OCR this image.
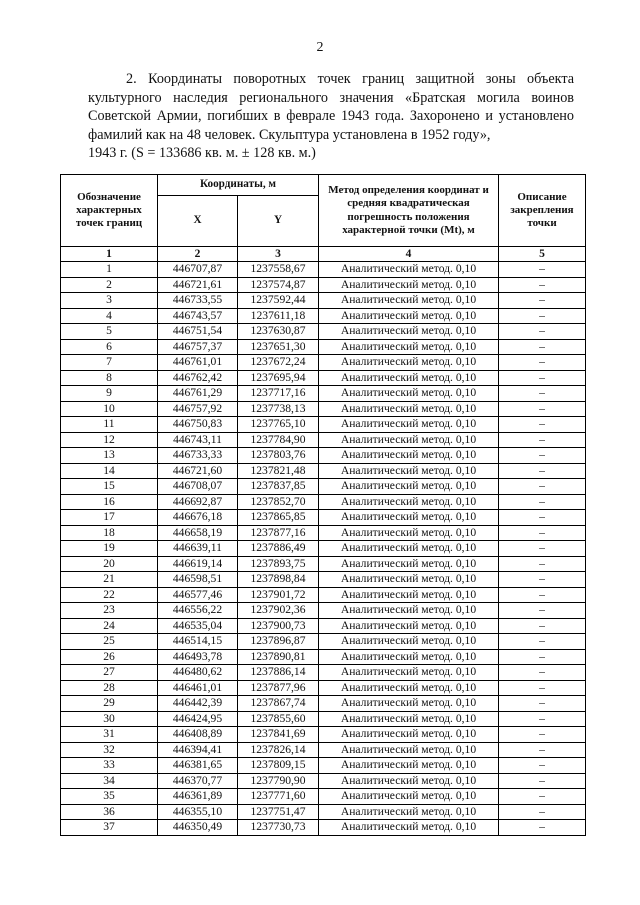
2

2. Координаты поворотных точек границ защитной зоны объекта культурного наследия регионального значения «Братская могила воинов Советской Армии, погибших в феврале 1943 года. Захоронено и установлено фамилий как на 48 человек. Скульптура установлена в 1952 году»,

1943 г. (S = 133686 кв. м. ± 128 кв. м.)
Обозначение характерных точек границ	Координаты, м		Метод определения координат и средняя квадратическая погрешность положения характерной точки (Mt), м	Описание закрепления точки
	X	Y		
1	2	3	4	5
1	446707,87	1237558,67	Аналитический метод. 0,10	–
2	446721,61	1237574,87	Аналитический метод. 0,10	–
3	446733,55	1237592,44	Аналитический метод. 0,10	–
4	446743,57	1237611,18	Аналитический метод. 0,10	–
5	446751,54	1237630,87	Аналитический метод. 0,10	–
6	446757,37	1237651,30	Аналитический метод. 0,10	–
7	446761,01	1237672,24	Аналитический метод. 0,10	–
8	446762,42	1237695,94	Аналитический метод. 0,10	–
9	446761,29	1237717,16	Аналитический метод. 0,10	–
10	446757,92	1237738,13	Аналитический метод. 0,10	–
11	446750,83	1237765,10	Аналитический метод. 0,10	–
12	446743,11	1237784,90	Аналитический метод. 0,10	–
13	446733,33	1237803,76	Аналитический метод. 0,10	–
14	446721,60	1237821,48	Аналитический метод. 0,10	–
15	446708,07	1237837,85	Аналитический метод. 0,10	–
16	446692,87	1237852,70	Аналитический метод. 0,10	–
17	446676,18	1237865,85	Аналитический метод. 0,10	–
18	446658,19	1237877,16	Аналитический метод. 0,10	–
19	446639,11	1237886,49	Аналитический метод. 0,10	–
20	446619,14	1237893,75	Аналитический метод. 0,10	–
21	446598,51	1237898,84	Аналитический метод. 0,10	–
22	446577,46	1237901,72	Аналитический метод. 0,10	–
23	446556,22	1237902,36	Аналитический метод. 0,10	–
24	446535,04	1237900,73	Аналитический метод. 0,10	–
25	446514,15	1237896,87	Аналитический метод. 0,10	–
26	446493,78	1237890,81	Аналитический метод. 0,10	–
27	446480,62	1237886,14	Аналитический метод. 0,10	–
28	446461,01	1237877,96	Аналитический метод. 0,10	–
29	446442,39	1237867,74	Аналитический метод. 0,10	–
30	446424,95	1237855,60	Аналитический метод. 0,10	–
31	446408,89	1237841,69	Аналитический метод. 0,10	–
32	446394,41	1237826,14	Аналитический метод. 0,10	–
33	446381,65	1237809,15	Аналитический метод. 0,10	–
34	446370,77	1237790,90	Аналитический метод. 0,10	–
35	446361,89	1237771,60	Аналитический метод. 0,10	–
36	446355,10	1237751,47	Аналитический метод. 0,10	–
37	446350,49	1237730,73	Аналитический метод. 0,10	–
